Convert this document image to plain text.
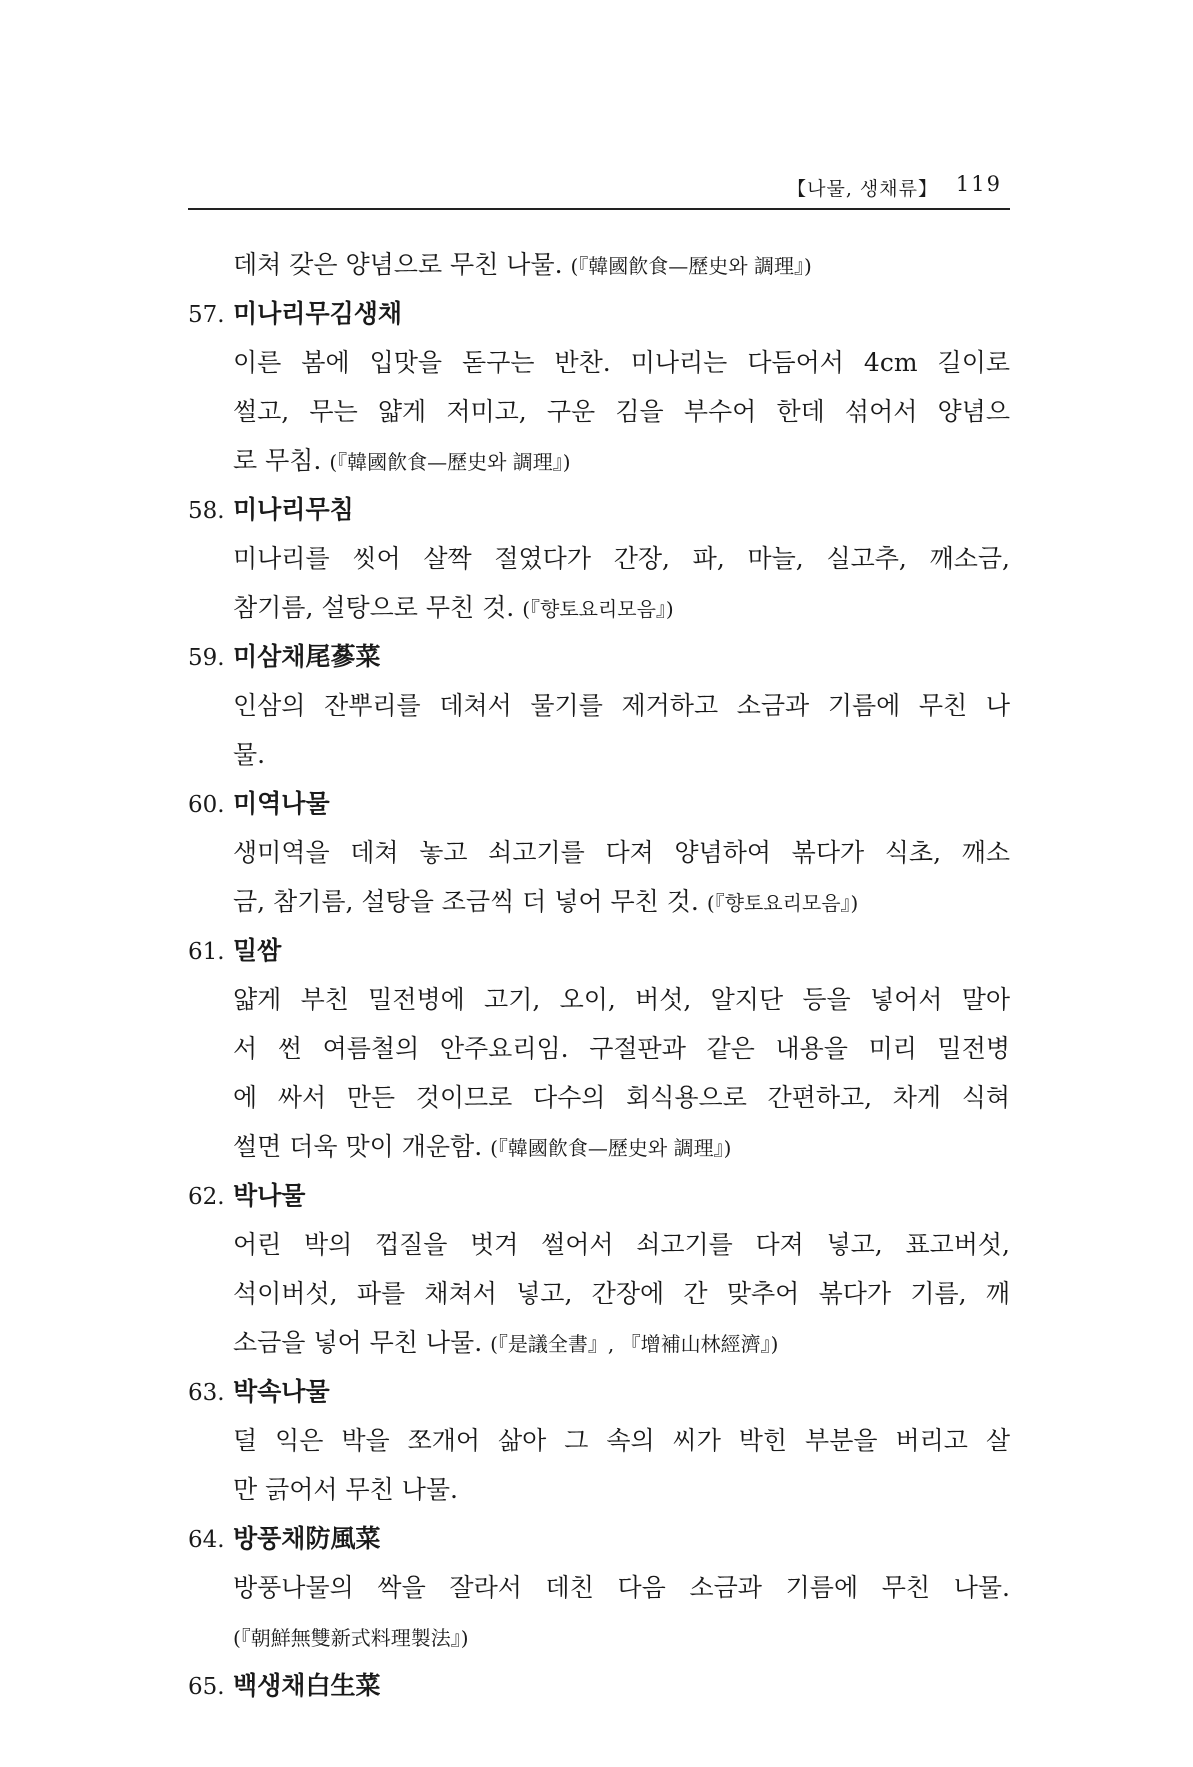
【나물, 생채류】 119
데쳐 갖은 양념으로 무친 나물. (『韓國飮食—歷史와 調理』)
57. 미나리무김생채
이른 봄에 입맛을 돋구는 반찬. 미나리는 다듬어서 4cm 길이로
썰고, 무는 얇게 저미고, 구운 김을 부수어 한데 섞어서 양념으
로 무침. (『韓國飮食—歷史와 調理』)
58. 미나리무침
미나리를 씻어 살짝 절였다가 간장, 파, 마늘, 실고추, 깨소금,
참기름, 설탕으로 무친 것. (『향토요리모음』)
59. 미삼채尾蔘菜
인삼의 잔뿌리를 데쳐서 물기를 제거하고 소금과 기름에 무친 나
물.
60. 미역나물
생미역을 데쳐 놓고 쇠고기를 다져 양념하여 볶다가 식초, 깨소
금, 참기름, 설탕을 조금씩 더 넣어 무친 것. (『향토요리모음』)
61. 밀쌈
얇게 부친 밀전병에 고기, 오이, 버섯, 알지단 등을 넣어서 말아
서 썬 여름철의 안주요리임. 구절판과 같은 내용을 미리 밀전병
에 싸서 만든 것이므로 다수의 회식용으로 간편하고, 차게 식혀
썰면 더욱 맛이 개운함. (『韓國飮食—歷史와 調理』)
62. 박나물
어린 박의 껍질을 벗겨 썰어서 쇠고기를 다져 넣고, 표고버섯,
석이버섯, 파를 채쳐서 넣고, 간장에 간 맞추어 볶다가 기름, 깨
소금을 넣어 무친 나물. (『是議全書』, 『增補山林經濟』)
63. 박속나물
덜 익은 박을 쪼개어 삶아 그 속의 씨가 박힌 부분을 버리고 살
만 긁어서 무친 나물.
64. 방풍채防風菜
방풍나물의 싹을 잘라서 데친 다음 소금과 기름에 무친 나물.
(『朝鮮無雙新式料理製法』)
65. 백생채白生菜
